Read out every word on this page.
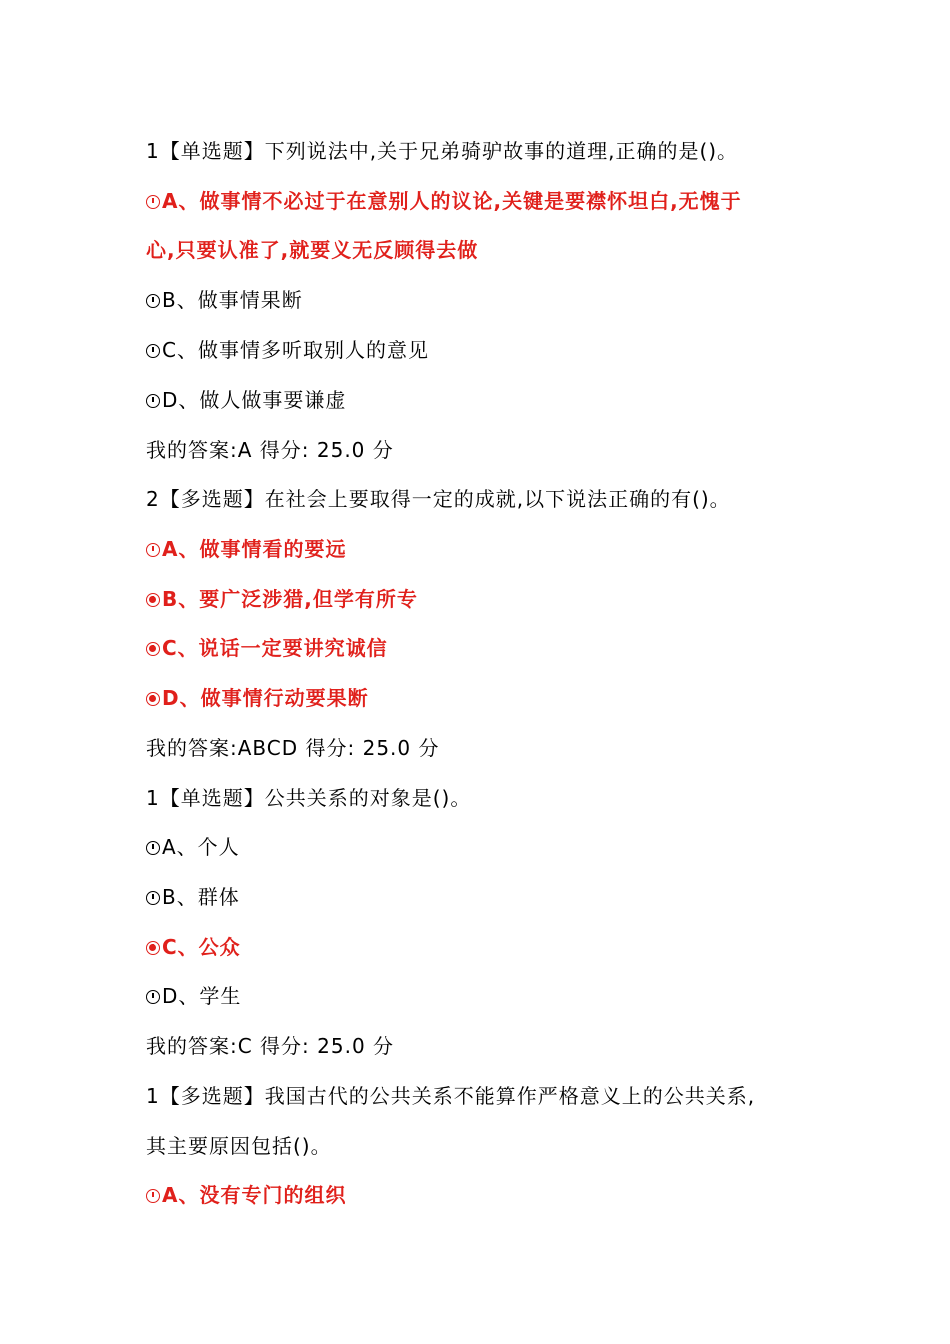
1【单选题】下列说法中,关于兄弟骑驴故事的道理,正确的是()。
A、做事情不必过于在意别人的议论,关键是要襟怀坦白,无愧于
心,只要认准了,就要义无反顾得去做
B、做事情果断
C、做事情多听取别人的意见
D、做人做事要谦虚
我的答案:A 得分: 25.0 分
2【多选题】在社会上要取得一定的成就,以下说法正确的有()。
A、做事情看的要远
B、要广泛涉猎,但学有所专
C、说话一定要讲究诚信
D、做事情行动要果断
我的答案:ABCD 得分: 25.0 分
1【单选题】公共关系的对象是()。
A、个人
B、群体
C、公众
D、学生
我的答案:C 得分: 25.0 分
1【多选题】我国古代的公共关系不能算作严格意义上的公共关系,
其主要原因包括()。
A、没有专门的组织
